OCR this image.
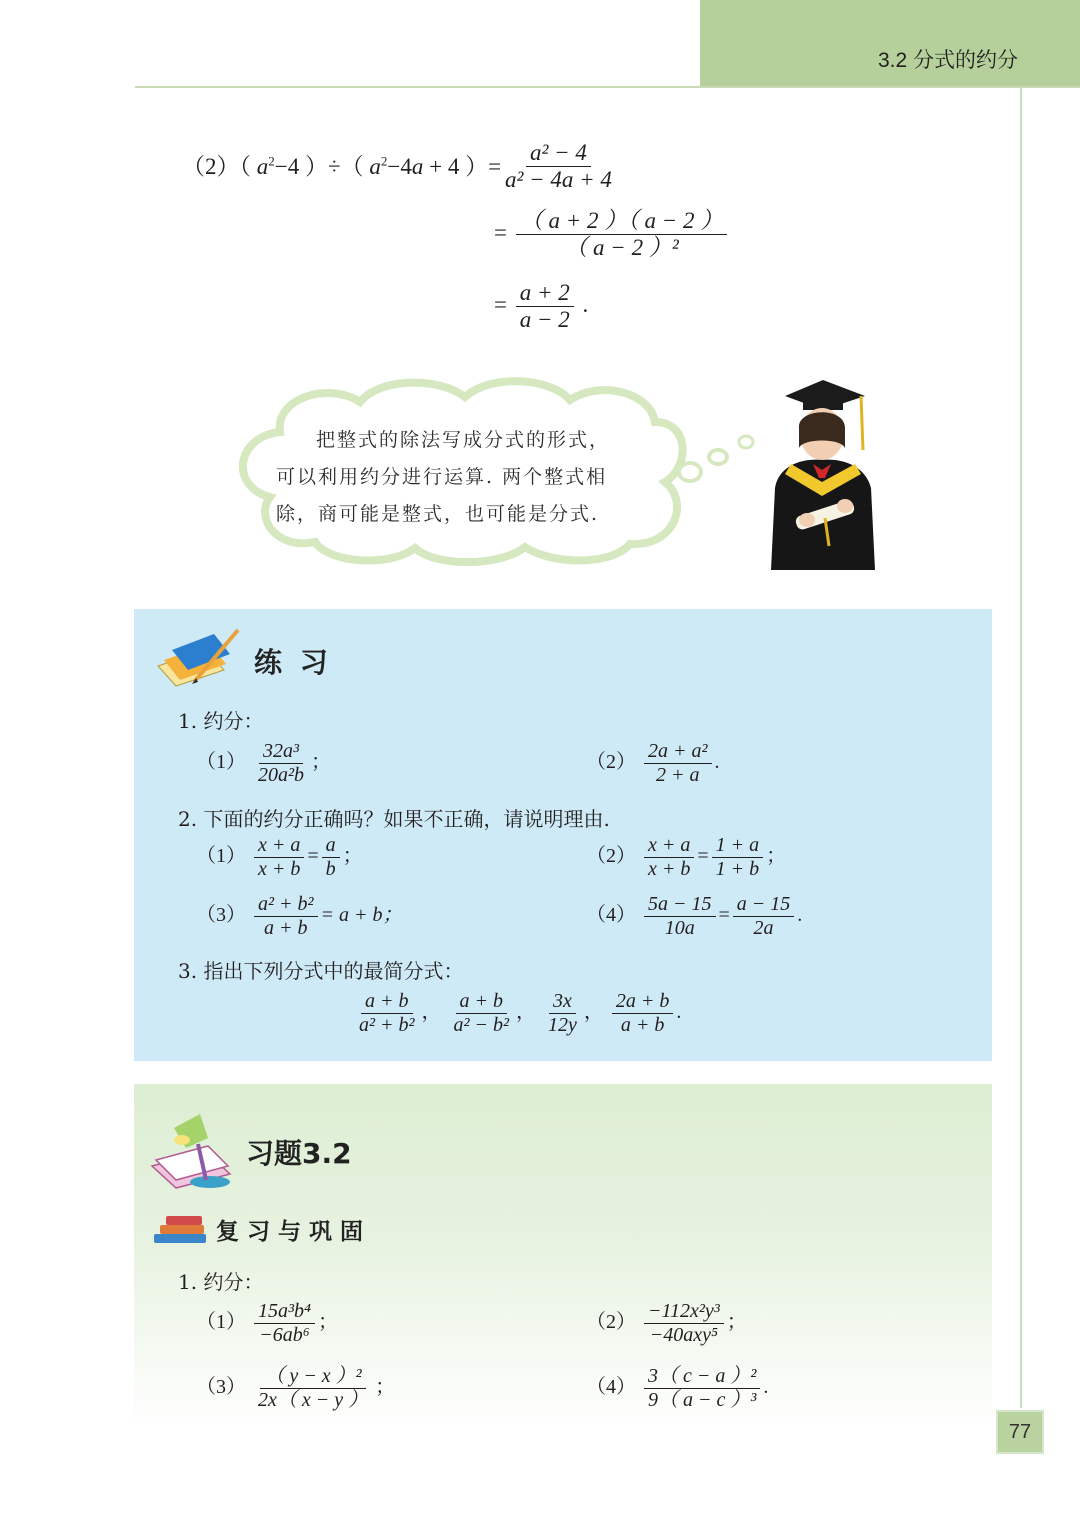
3.2 分式的约分
（2）（ $a^2-4$ ）÷（ $a^2-4a + 4$ ）= $\frac{\text{a² − 4}}{\text{a² − 4a + 4}}$
= $\frac{( a + 2 )( a - 2 )}{\text{（ a − 2 ）²}}$
= $\frac{a + 2}{a - 2}$ .
把整式的除法写成分式的形式，
可以利用约分进行运算. 两个整式相
除，商可能是整式，也可能是分式.
练 习
1. 约分：
$(1) \frac{\text{32a³}}{\text{20a²b}}$ ；	$(2) \frac{\text{2a + a²}}{2 + a}$ .
2. 下面的约分正确吗？如果不正确，请说明理由.
$(1) \frac{x + a}{x + b} = \frac{a}{b}$ ；	$(2) \frac{x + a}{x + b} = \frac{1 + a}{1 + b}$ ；
$(3) \frac{\text{a² + b²}}{a + b} = a + b$；	$(4) \frac{5a - 15}{10a} = \frac{a - 15}{2a}$ .
3. 指出下列分式中的最简分式：
$\frac{a + b}{\text{a² + b²}}$ ， $\frac{a + b}{\text{a² − b²}}$ ， $\frac{3x}{12y}$ ， $\frac{2a + b}{a + b}$ .
习题3.2
复 习 与 巩 固
1. 约分：
$(1) \frac{\text{15a³b⁴}}{\text{−6ab⁶}}$ ；	$(2) \frac{\text{−112x²y³}}{\text{−40axy⁵}}$ ；
$(3) \frac{\text{（ y − x ）²}}{2x( x - y )}$ ；	$(4) \frac{\text{3（ c − a ）²}}{\text{9（ a − c ）³}}$ .
77
